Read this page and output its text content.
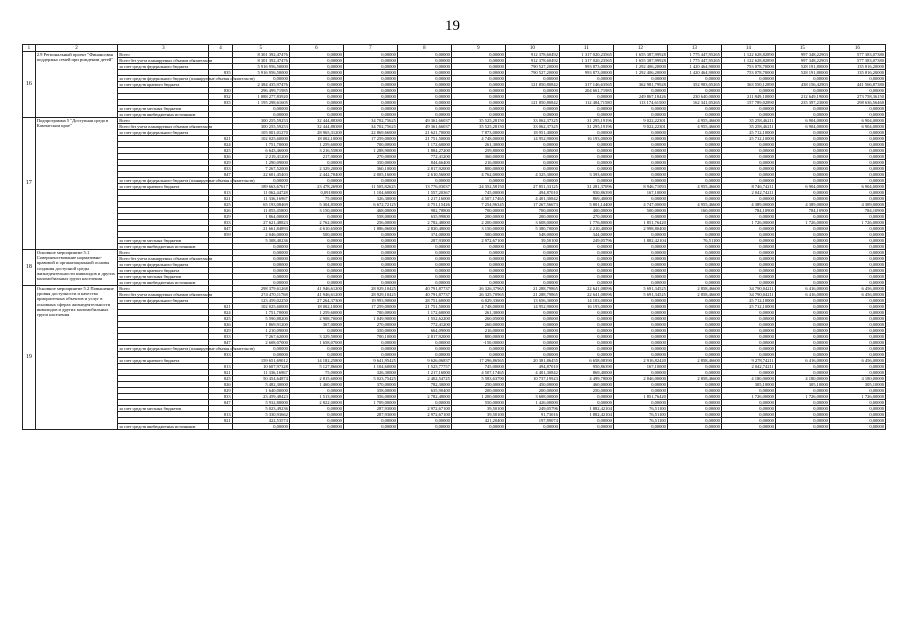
19
1	2	3	4	5	6	7	8	9	10	11	12	13	14	15	16
16	2.9 Региональный проект "Финансовая поддержка семей при рождении детей"	Всего		8 301 392,47476	0,00000	0,00000	0,00000	0,00000	912 378,60492	1 317 020,23565	1 655 387,99928	1 775 447,95265	1 122 628,82890	997 348,22903	577 383,07380
		Всего без учета планируемых объемов обязательств		8 301 392,47476	0,00000	0,00000	0,00000	0,00000	912 378,60492	1 317 020,23565	1 655 387,99928	1 775 447,95265	1 122 628,82890	997 348,22903	577 383,07380
		за счет средств федерального бюджета		5 916 956,50000	0,00000	0,00000	0,00000	0,00000	790 527,20000	993 873,00000	1 292 406,20000	1 420 464,90000	753 078,70000	528 191,80000	135 816,20000
			835	5 916 956,50000	0,00000	0,00000	0,00000	0,00000	790 527,20000	993 873,00000	1 292 406,20000	1 420 464,90000	753 078,70000	528 191,80000	135 816,20000
		за счет средств федерального бюджета (планируемые объемы обязательств)		0,00000	0,00000	0,00000	0,00000	0,00000	0,00000	0,00000	0,00000	0,00000	0,00000	0,00000	0,00000
		за счет средств краевого бюджета		2 384 435,97476	0,00000	0,00000	0,00000	0,00000	121 850,80842	317 146,63565	362 981,79928	352 983,05265	363 550,12890	438 156,42903	441 566,87380
			830	296 499,71985	0,00000	0,00000	0,00000	0,00000	0,00000	204 661,71985	0,00000	0,00000	0,00000	0,00000	0,00000
			832	1 088 277,83920	0,00000	0,00000	0,00000	0,00000	0,00000	0,00000	249 867,18426	230 640,00000	211 849,10000	212 649,19000	273 758,36150
			835	1 195 298,61605	0,00000	0,00000	0,00000	0,00000	121 850,80842	112 484,71580	113 174,61500	162 341,05265	157 789,02890	235 397,23000	298 636,56460
		за счет средств местных бюджетов		0,00000	0,00000	0,00000	0,00000	0,00000	0,00000	0,00000	0,00000	0,00000	0,00000	0,00000	0,00000
		за счет средств внебюджетных источников		0,00000	0,00000	0,00000	0,00000	0,00000	0,00000	0,00000	0,00000	0,00000	0,00000	0,00000	0,00000
17	Подпрограмма 5 "Доступная среда в Камчатском крае"	Всего		300 255,59253	32 444,88380	34 702,75625	49 361,66037	35 525,28150	33 062,37325	31 295,19196	9 022,22301	4 955,46600	35 258,46211	6 904,00000	6 904,00000
		Всего без учета планируемых объемов обязательств		300 255,59253	32 444,88380	34 702,75625	49 361,66037	35 525,28150	33 062,37325	31 295,19196	9 022,22301	4 955,46600	35 258,46211	6 904,00000	6 904,00000
		за счет средств федерального бюджета		105 001,01270	28 965,31200	22 869,66000	21 621,70000	7 873,00000	18 951,40000	0,00000	0,00000	0,00000	25 712,10000	0,00000	0,00000
			821	102 025,60000	18 002,10000	17 259,00000	21 751,50000	4 748,00000	14 952,90000	16 193,00000	0,00000	0,00000	25 712,10000	0,00000	0,00000
			824	1 751,70000	1 259,60000	700,00000	1 172,60000	261,30000	0,00000	0,00000	0,00000	0,00000	0,00000	0,00000	0,00000
			825	6 643,46000	3 216,55800	1 288,90000	1 884,27200	259,80000	0,00000	0,00000	0,00000	0,00000	0,00000	0,00000	0,00000
			826	2 219,41200	217,00000	270,00000	772,41200	360,00000	0,00000	0,00000	0,00000	0,00000	0,00000	0,00000	0,00000
			829	1 290,09000	0,00000	350,00000	844,66400	216,00000	0,00000	0,00000	0,00000	0,00000	0,00000	0,00000	0,00000
			833	7 267,52000	2 329,20000	360,10000	2 817,92000	800,00000	0,00000	0,00000	0,00000	0,00000	0,00000	0,00000	0,00000
			847	22 601,45403	2 442,78400	2 005,16000	2 610,56000	4 762,00000	4 325,30000	3 393,60000	0,00000	0,00000	0,00000	0,00000	0,00000
		за счет средств федерального бюджета (планируемые объемы обязательств)		0,00000	0,00000	0,00000	0,00000	0,00000	0,00000	0,00000	0,00000	0,00000	0,00000	0,00000	0,00000
		за счет средств краевого бюджета		189 663,67617	23 478,26900	11 505,82625	13 776,03037	24 352,58150	27 851,33125	31 281,37096	8 946,71093	4 955,46600	8 746,74211	6 904,00000	6 904,00000
			813	11 062,44728	0,09180000	1 104,60000	1 557,20367	745,00000	494,87010	950,86390	167,10000	0,00000	2 042,74211	0,00000	0,00000
			821	11 336,16967	75,00000	326,30000	1 217,16000	4 507,17465	4 401,30842	869,40000	0,00000	0,00000	0,00000	0,00000	0,00000
			825	65 193,08469	5 304,85000	6 672,72125	4 751,15426	7 254,96345	17 267,56673	5 801,14400	4 747,00000	4 955,46600	4 389,00000	4 389,00000	4 389,00000
			826	11 855,45800	3 150,00000	468,00000	982,78800	700,00000	700,00000	400,00000	500,00000	160,00000	784,10900	784,10900	784,10900
			829	1 864,00000	0,00000	558,00000	635,99800	200,00000	200,00000	270,00000	0,00000	0,00000	0,00000	0,00000	0,00000
			833	27 621,48823	2 762,00000	256,00000	2 782,48000	2 200,00000	3 608,00000	1 776,80000	1 851,76420	0,00000	1 726,00000	1 726,00000	1 726,00000
			847	21 661,84893	4 610,65000	1 886,06000	2 830,48000	3 150,00000	5 380,70000	2 210,40000	2 998,80400	0,00000	0,00000	0,00000	0,00000
			859	2 046,00000	500,00000	0,00000	374,00000	500,00000	548,00000	344,00000	0,00000	0,00000	0,00000	0,00000	0,00000
		за счет средств местных бюджетов		5 308,40236	0,00000	0,00000	287,93000	2 972,67100	39,50100	249,05796	1 882,42104	76,51100	0,00000	0,00000	0,00000
		за счет средств внебюджетных источников		0,00000	0,00000	0,00000	0,00000	0,00000	0,00000	0,00000	0,00000	0,00000	0,00000	0,00000	0,00000
18	Основное мероприятие 5.1 Совершенствование нормативно-правовой и организационной основы создания доступной среды жизнедеятельности инвалидов и других маломобильных групп населения	Всего		0,00000	0,00000	0,00000	0,00000	0,00000	0,00000	0,00000	0,00000	0,00000	0,00000	0,00000	0,00000
		Всего без учета планируемых объемов обязательств		0,00000	0,00000	0,00000	0,00000	0,00000	0,00000	0,00000	0,00000	0,00000	0,00000	0,00000	0,00000
		за счет средств федерального бюджета		0,00000	0,00000	0,00000	0,00000	0,00000	0,00000	0,00000	0,00000	0,00000	0,00000	0,00000	0,00000
		за счет средств краевого бюджета		0,00000	0,00000	0,00000	0,00000	0,00000	0,00000	0,00000	0,00000	0,00000	0,00000	0,00000	0,00000
		за счет средств местных бюджетов		0,00000	0,00000	0,00000	0,00000	0,00000	0,00000	0,00000	0,00000	0,00000	0,00000	0,00000	0,00000
		за счет средств внебюджетных источников		0,00000	0,00000	0,00000	0,00000	0,00000	0,00000	0,00000	0,00000	0,00000	0,00000	0,00000	0,00000
19	Основное мероприятие 5.2 Повышение уровня доступности и качества приоритетных объектов и услуг в основных сферах жизнедеятельности инвалидов и других маломобильных групп населения	Всего		298 379,61268	41 946,61200	28 929,10425	40 791,87737	26 326,37965	21 288,79865	22 641,08096	5 691,34525	2 858,46600	34 790,04211	6 416,00000	6 456,00000
		Всего без учета планируемых объемов обязательств		274 470,11768	41 946,61200	28 929,10425	40 791,87737	26 325,70965	21 288,79865	22 641,08096	5 691,34525	2 858,46600	34 790,04211	6 416,00000	6 456,00000
		за счет средств федерального бюджета		123 459,02250	27 264,37300	19 993,90000	28 751,60000	6 029,33600	13 656,30000	14 103,00000	0,00000	0,00000	25 712,10000	0,00000	0,00000
			821	102 025,60000	18 002,10000	17 259,00000	21 751,50000	4 748,00000	14 952,90000	16 193,00000	0,00000	0,00000	25 712,10000	0,00000	0,00000
			824	1 751,70000	1 259,60000	700,00000	1 172,60000	261,30000	0,00000	0,00000	0,00000	0,00000	0,00000	0,00000	0,00000
			825	5 590,88200	2 908,70000	1 049,90000	1 552,62200	260,05000	0,00000	0,00000	0,00000	0,00000	0,00000	0,00000	0,00000
			826	1 869,91200	367,00000	270,00000	772,41200	260,00000	0,00000	0,00000	0,00000	0,00000	0,00000	0,00000	0,00000
			829	1 210,09000	0,00000	350,00000	664,09000	216,00000	0,00000	0,00000	0,00000	0,00000	0,00000	0,00000	0,00000
			833	7 267,62000	3 329,50000	700,10000	2 817,92000	800,00000	0,00000	0,00000	0,00000	0,00000	0,00000	0,00000	0,00000
			847	2 608,07000	1 658,07000	0,00000	0,00000	-150,00000	0,00000	0,00000	0,00000	0,00000	0,00000	0,00000	0,00000
		за счет средств федерального бюджета (планируемые объемы обязательств)		0,00000	0,00000	0,00000	0,00000	0,00000	0,00000	0,00000	0,00000	0,00000	0,00000	0,00000	0,00000
			833	0,00000	0,00000	0,00000	0,00000	0,00000	0,00000	0,00000	0,00000	0,00000	0,00000	0,00000	0,00000
		за счет средств краевого бюджета		159 651,69012	14 182,25800	9 641,95425	9 626,06837	17 296,86565	20 381,86455	6 658,08390	2 916,82420	2 858,46600	9 278,74211	6 416,00000	6 456,00000
			813	10 607,97328	5 127,86600	1 104,60000	1 525,77757	745,00000	494,87010	950,86390	167,10000	0,00000	2 042,74211	0,00000	0,00000
			821	11 336,16967	75,00000	326,30000	1 217,16000	4 507,17465	4 401,30842	869,40000	0,00000	0,00000	0,00000	0,00000	0,00000
			825	50 454,64874	2 815,60000	5 023,75425	2 402,54725	5 583,63790	10 737,19923	4 499,78000	2 846,00000	2 858,46600	4 180,00000	4 180,00000	4 180,00000
			826	5 482,30000	1 460,00000	370,00000	782,30000	250,00000	450,00000	460,00000	0,00000	0,00000	305,10000	305,10000	305,10000
			829	1 640,00000	0,00000	358,00000	635,90400	200,00000	200,00000	250,00000	0,00000	0,00000	0,00000	0,00000	0,00000
			833	23 459,48423	1 513,00000	356,00000	2 782,48000	1 200,00000	3 608,00000	0,00000	1 851,76420	0,00000	1 726,00000	1 726,00000	1 726,00000
			847	5 932,80000	2 822,00000	1 709,00000	0,00000	550,00000	1 426,00000	0,00000	0,00000	0,00000	0,00000	0,00000	0,00000
		за счет средств местных бюджетов		5 023,49236	0,00000	287,93000	2 972,67100	39,50100	249,05796	1 882,42104	76,51100	0,00000	0,00000	0,00000	0,00000
			813	5 330,93662	0,00000	287,93000	2 972,67100	39,50100	91,73016	1 882,42104	76,51100	0,00000	0,00000	0,00000	0,00000
			821	422,53574	0,00000	0,00000	0,00000	421,20400	197,89074	0,00000	76,51100	0,00000	0,00000	0,00000	0,00000
		за счет средств внебюджетных источников		0,00000	0,00000	0,00000	0,00000	0,00000	0,00000	0,00000	0,00000	0,00000	0,00000	0,00000	0,00000
